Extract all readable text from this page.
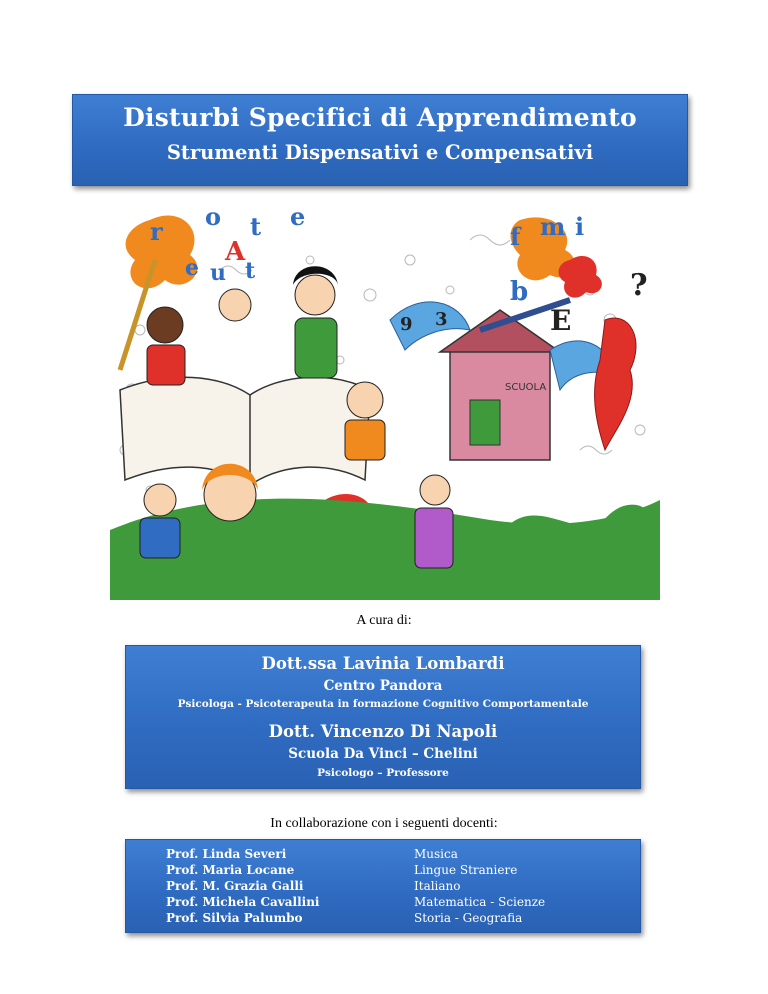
Disturbi Specifici di Apprendimento
Strumenti Dispensativi e Compensativi
SCUOLA
r
o t e
f m i
A
e u t
b
E
?
9 3
A cura di:
Dott.ssa Lavinia Lombardi
Centro Pandora
Psicologa - Psicoterapeuta in formazione Cognitivo Comportamentale
Dott. Vincenzo Di Napoli
Scuola Da Vinci – Chelini
Psicologo – Professore
In collaborazione con i seguenti docenti:
Prof. Linda Severi
Prof. Maria Locane
Prof. M. Grazia Galli
Prof. Michela Cavallini
Prof. Silvia Palumbo
Musica
Lingue Straniere
Italiano
Matematica - Scienze
Storia - Geografia
